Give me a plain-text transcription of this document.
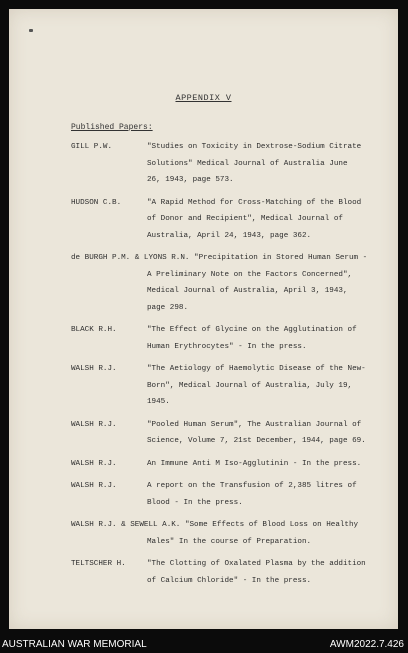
APPENDIX V
Published Papers:
GILL P.W.	"Studies on Toxicity in Dextrose-Sodium Citrate
Solutions" Medical Journal of Australia June
26, 1943, page 573.
HUDSON C.B.	"A Rapid Method for Cross-Matching of the Blood
of Donor and Recipient", Medical Journal of
Australia, April 24, 1943, page 362.
de BURGH P.M. & LYONS R.N. "Precipitation in Stored Human Serum -
A Preliminary Note on the Factors Concerned",
Medical Journal of Australia, April 3, 1943,
page 298.
BLACK R.H.	"The Effect of Glycine on the Agglutination of
Human Erythrocytes" - In the press.
WALSH R.J.	"The Aetiology of Haemolytic Disease of the New-
Born", Medical Journal of Australia, July 19,
1945.
WALSH R.J.	"Pooled Human Serum", The Australian Journal of
Science, Volume 7, 21st December, 1944, page 69.
WALSH R.J.	An Immune Anti M Iso-Agglutinin - In the press.
WALSH R.J.	A report on the Transfusion of 2,385 litres of
Blood - In the press.
WALSH R.J. & SEWELL A.K. "Some Effects of Blood Loss on Healthy
Males" In the course of Preparation.
TELTSCHER H.	"The Clotting of Oxalated Plasma by the addition
of Calcium Chloride" - In the press.
AUSTRALIAN WAR MEMORIAL	AWM2022.7.426
